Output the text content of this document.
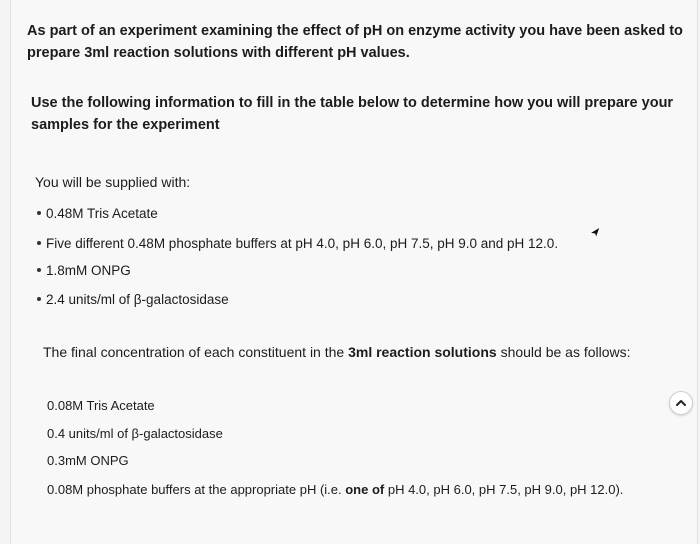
As part of an experiment examining the effect of pH on enzyme activity you have been asked to prepare 3ml reaction solutions with different pH values.
Use the following information to fill in the table below to determine how you will prepare your samples for the experiment
You will be supplied with:
0.48M Tris Acetate
Five different 0.48M phosphate buffers at pH 4.0, pH 6.0, pH 7.5, pH 9.0 and pH 12.0.
1.8mM ONPG
2.4 units/ml of β-galactosidase
The final concentration of each constituent in the 3ml reaction solutions should be as follows:
0.08M Tris Acetate
0.4 units/ml of β-galactosidase
0.3mM ONPG
0.08M phosphate buffers at the appropriate pH (i.e. one of pH 4.0, pH 6.0, pH 7.5, pH 9.0, pH 12.0).
